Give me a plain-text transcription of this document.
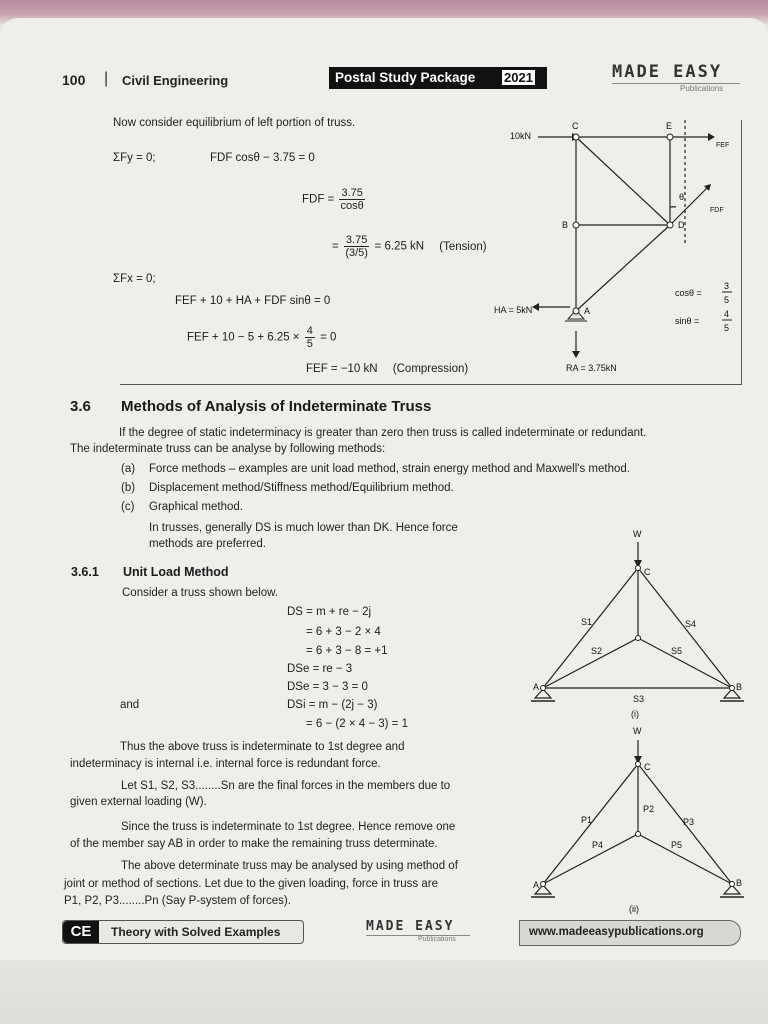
100 | Civil Engineering	Postal Study Package 2021	MADE EASY
Publications
Now consider equilibrium of left portion of truss.
ΣFy = 0;	FDF cosθ − 3.75 = 0
FDF = $\frac{3.75}{\cos\theta}$
= $\frac{3.75}{(3/5)} = 6.25$ kN (Tension)
ΣFx = 0;
FEF + 10 + HA + FDF sinθ = 0
FEF + $10 - 5 + 6.25 \times \frac{4}{5} = 0$
FEF = −10 kN (Compression)
10kN
C	E
B	D
A
FEF
FDF
θ
HA = 5kN
RA = 3.75kN
cosθ =
3
5
sinθ =
4
5
3.6 Methods of Analysis of Indeterminate Truss
If the degree of static indeterminacy is greater than zero then truss is called indeterminate or redundant.
The indeterminate truss can be analyse by following methods:
(a) Force methods – examples are unit load method, strain energy method and Maxwell's method.
(b) Displacement method/Stiffness method/Equilibrium method.
(c) Graphical method.
In trusses, generally DS is much lower than DK. Hence force
methods are preferred.
3.6.1 Unit Load Method
Consider a truss shown below.
DS = m + re − 2j
= 6 + 3 − 2 × 4
= 6 + 3 − 8 = +1
DSe = re − 3
DSe = 3 − 3 = 0
and	DSi = m − (2j − 3)
= 6 − (2 × 4 − 3) = 1
Thus the above truss is indeterminate to 1st degree and
indeterminacy is internal i.e. internal force is redundant force.
Let S1, S2, S3........Sn are the final forces in the members due to
given external loading (W).
Since the truss is indeterminate to 1st degree. Hence remove one
of the member say AB in order to make the remaining truss determinate.
The above determinate truss may be analysed by using method of
joint or method of sections. Let due to the given loading, force in truss are
P1, P2, P3........Pn (Say P-system of forces).
W
C
A	B
S1
S2
S3
S4
S5
(i)
W
C
A	B
P1
P2
P3
P4	P5
(ii)
CE	Theory with Solved Examples	MADE EASY
Publications
www.madeeasypublications.org
